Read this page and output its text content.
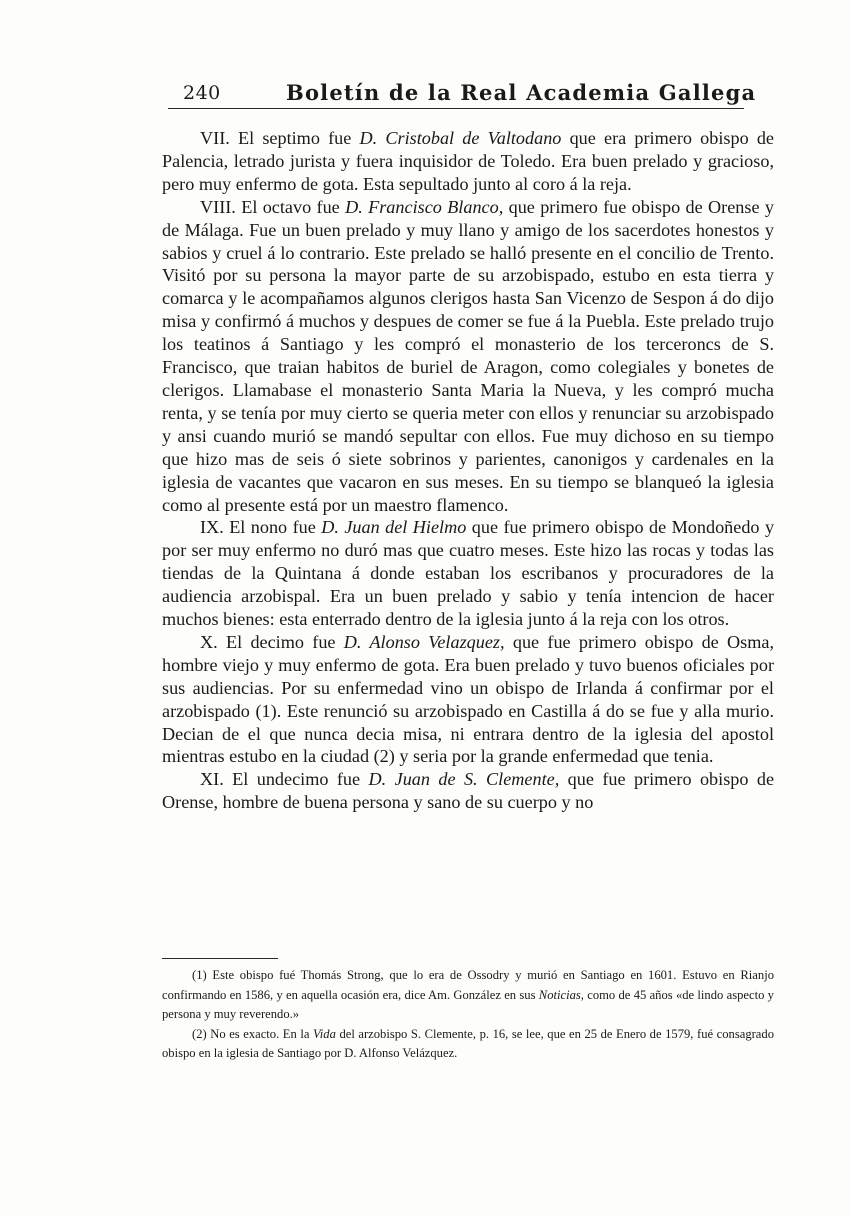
240	Boletín de la Real Academia Gallega

VII. El septimo fue D. Cristobal de Valtodano que era primero obispo de Palencia, letrado jurista y fuera inquisidor de Toledo. Era buen prelado y gracioso, pero muy enfermo de gota. Esta sepultado junto al coro á la reja.

VIII. El octavo fue D. Francisco Blanco, que primero fue obispo de Orense y de Málaga. Fue un buen prelado y muy llano y amigo de los sacerdotes honestos y sabios y cruel á lo contrario. Este prelado se halló presente en el concilio de Trento. Visitó por su persona la mayor parte de su arzobispado, estubo en esta tierra y comarca y le acompañamos algunos clerigos hasta San Vicenzo de Sespon á do dijo misa y confirmó á muchos y despues de comer se fue á la Puebla. Este prelado trujo los teatinos á Santiago y les compró el monasterio de los terceroncs de S. Francisco, que traian habitos de buriel de Aragon, como colegiales y bonetes de clerigos. Llamabase el monasterio Santa Maria la Nueva, y les compró mucha renta, y se tenía por muy cierto se queria meter con ellos y renunciar su arzobispado y ansi cuando murió se mandó sepultar con ellos. Fue muy dichoso en su tiempo que hizo mas de seis ó siete sobrinos y parientes, canonigos y cardenales en la iglesia de vacantes que vacaron en sus meses. En su tiempo se blanqueó la iglesia como al presente está por un maestro flamenco.

IX. El nono fue D. Juan del Hielmo que fue primero obispo de Mondoñedo y por ser muy enfermo no duró mas que cuatro meses. Este hizo las rocas y todas las tiendas de la Quintana á donde estaban los escribanos y procuradores de la audiencia arzobispal. Era un buen prelado y sabio y tenía intencion de hacer muchos bienes: esta enterrado dentro de la iglesia junto á la reja con los otros.

X. El decimo fue D. Alonso Velazquez, que fue primero obispo de Osma, hombre viejo y muy enfermo de gota. Era buen prelado y tuvo buenos oficiales por sus audiencias. Por su enfermedad vino un obispo de Irlanda á confirmar por el arzobispado (1). Este renunció su arzobispado en Castilla á do se fue y alla murio. Decian de el que nunca decia misa, ni entrara dentro de la iglesia del apostol mientras estubo en la ciudad (2) y seria por la grande enfermedad que tenia.

XI. El undecimo fue D. Juan de S. Clemente, que fue primero obispo de Orense, hombre de buena persona y sano de su cuerpo y no

(1) Este obispo fué Thomás Strong, que lo era de Ossodry y murió en Santiago en 1601. Estuvo en Rianjo confirmando en 1586, y en aquella ocasión era, dice Am. González en sus Noticias, como de 45 años «de lindo aspecto y persona y muy reverendo.»

(2) No es exacto. En la Vida del arzobispo S. Clemente, p. 16, se lee, que en 25 de Enero de 1579, fué consagrado obispo en la iglesia de Santiago por D. Alfonso Velázquez.
